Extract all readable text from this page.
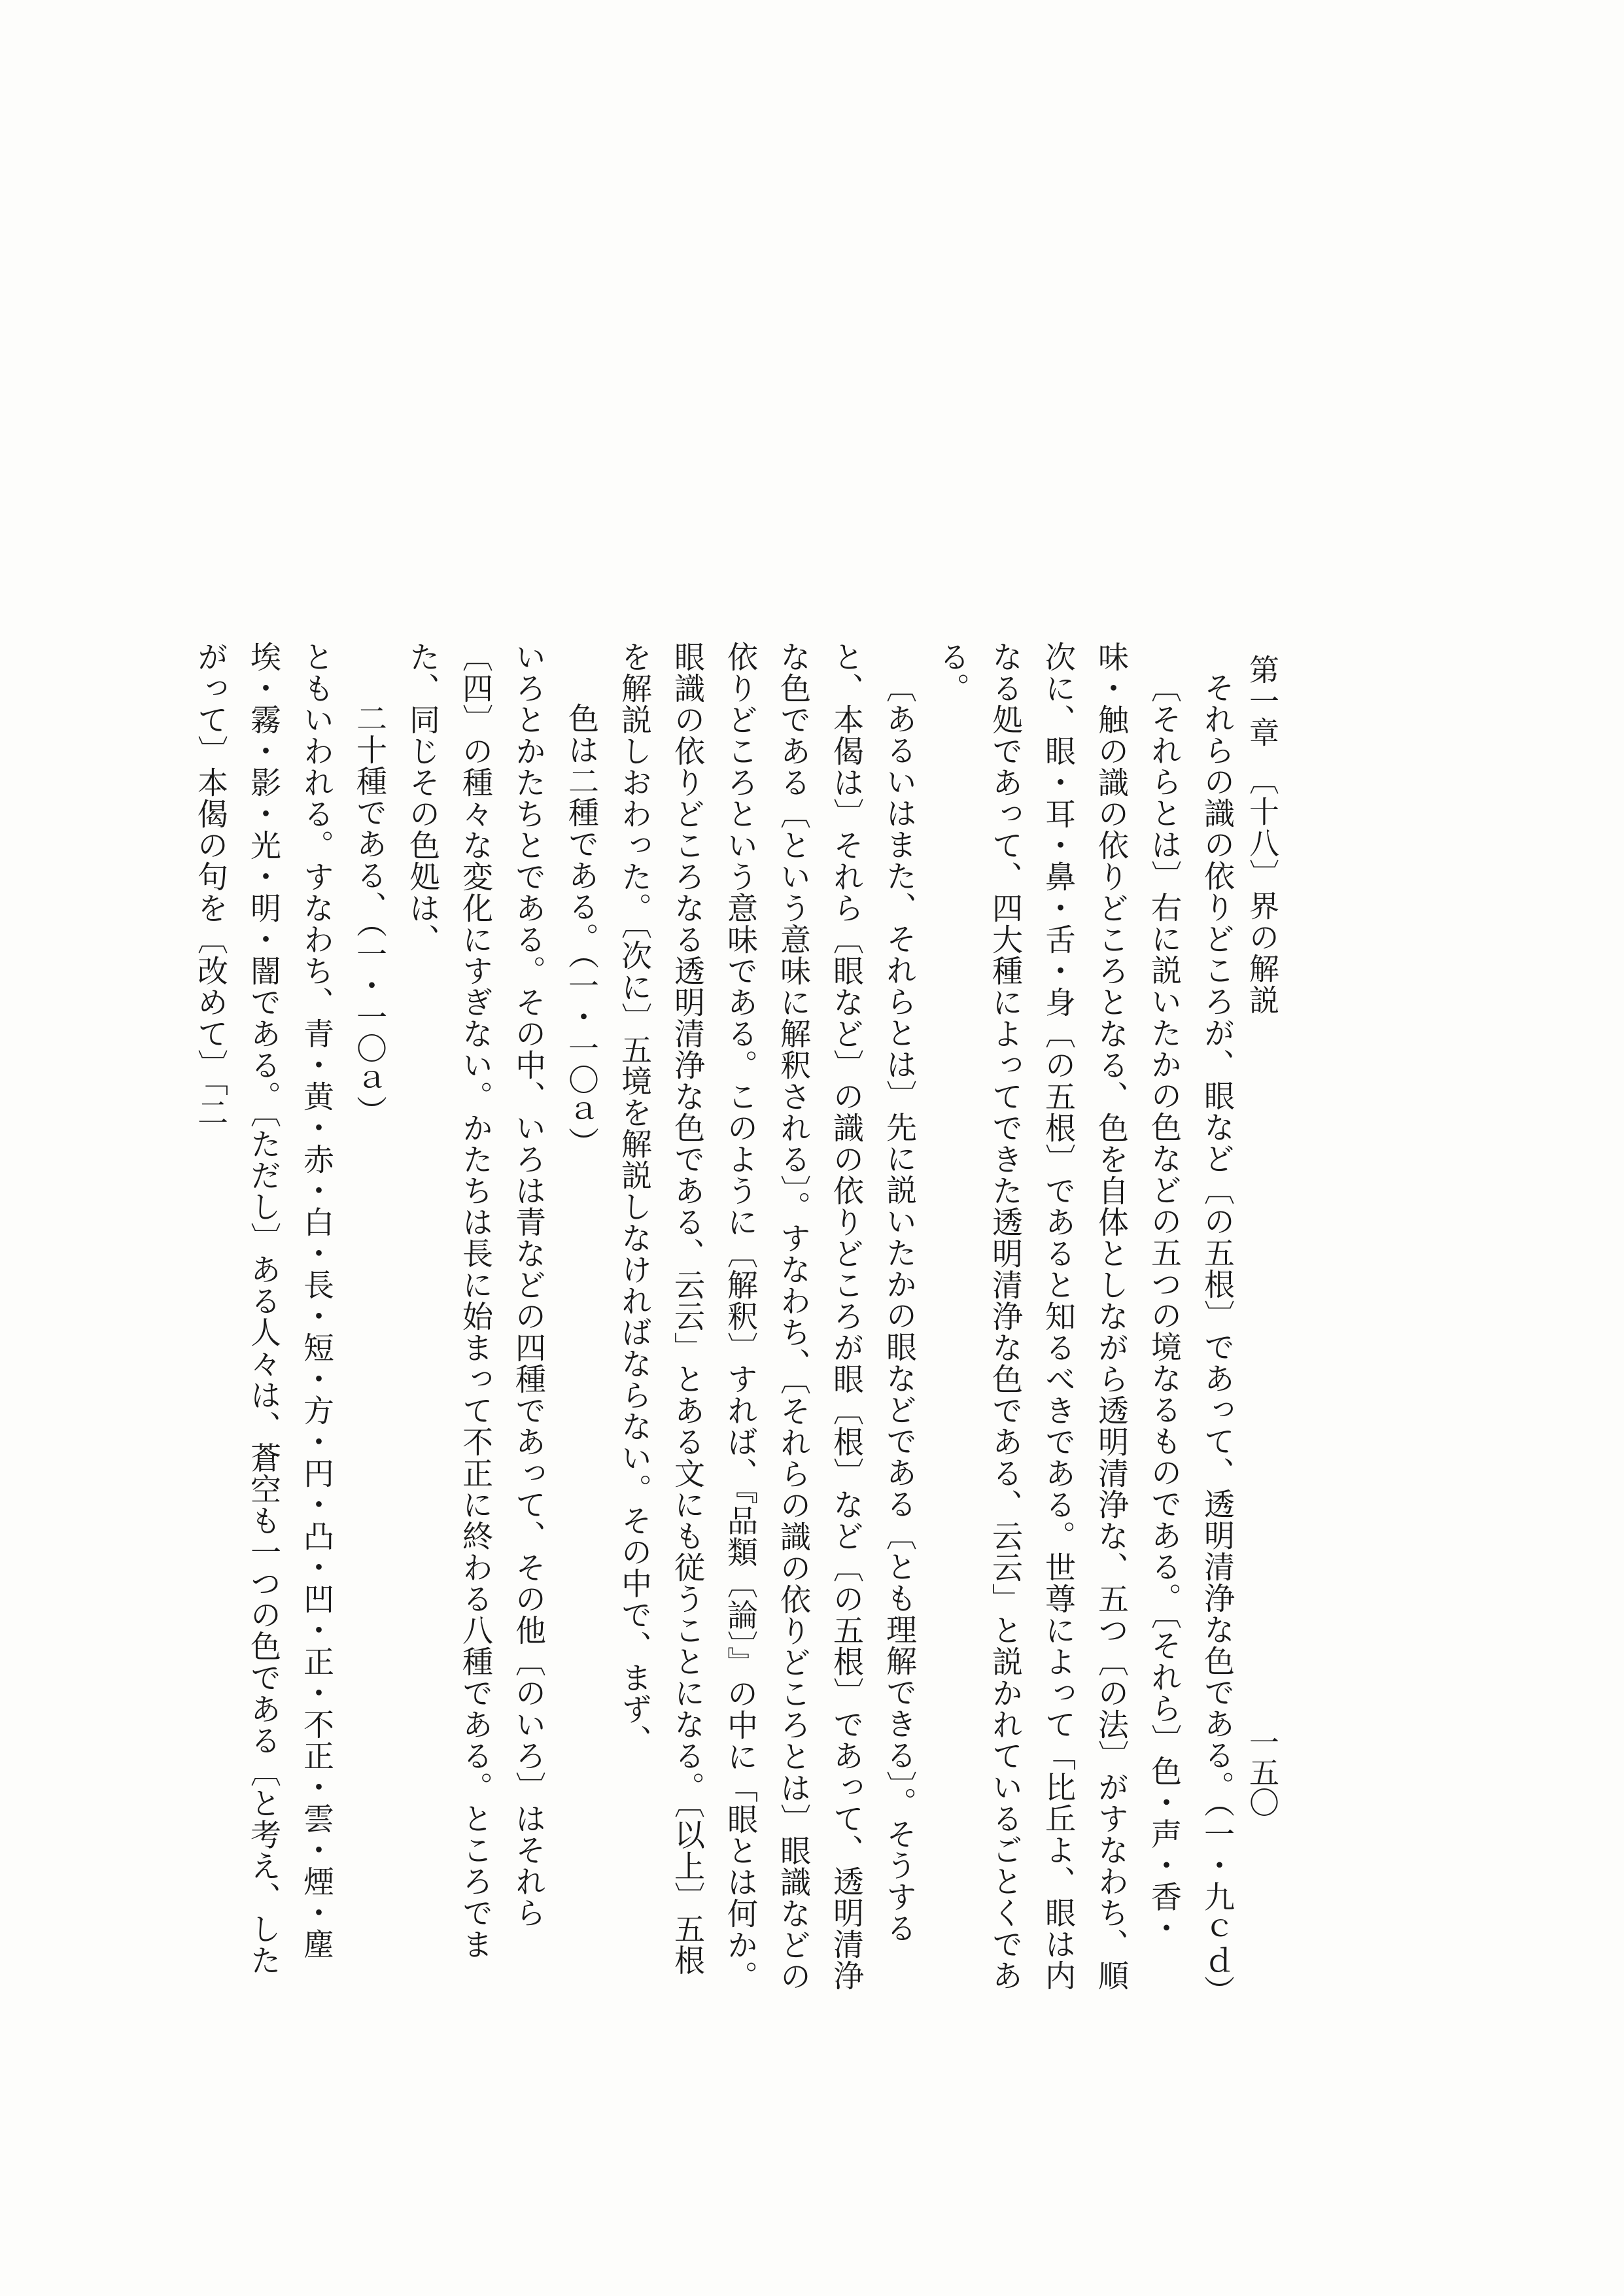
第一章　〔十八〕界の解説
一五〇

それらの識の依りどころが、眼など〔の五根〕であって、透明清浄な色である。（一・九ｃｄ）

〔それらとは〕右に説いたかの色などの五つの境なるものである。〔それら〕色・声・香・味・触の識の依りどころとなる、色を自体としながら透明清浄な、五つ〔の法〕がすなわち、順次に、眼・耳・鼻・舌・身〔の五根〕であると知るべきである。世尊によって「比丘よ、眼は内なる処であって、四大種によってできた透明清浄な色である、云云」と説かれているごとくである。

〔あるいはまた、それらとは〕先に説いたかの眼などである〔とも理解できる〕。そうすると、本偈は〕それら〔眼など〕の識の依りどころが眼〔根〕など〔の五根〕であって、透明清浄な色である〔という意味に解釈される〕。すなわち、〔それらの識の依りどころとは〕眼識などの依りどころという意味である。このように〔解釈〕すれば、『品類〔論〕』の中に「眼とは何か。眼識の依りどころなる透明清浄な色である、云云」とある文にも従うことになる。〔以上〕五根を解説しおわった。〔次に〕五境を解説しなければならない。その中で、まず、

色は二種である。（一・一〇ａ）

いろとかたちとである。その中、いろは青などの四種であって、その他〔のいろ〕はそれら〔四〕の種々な変化にすぎない。かたちは長に始まって不正に終わる八種である。ところでまた、同じその色処は、

二十種である、（一・一〇ａ）

ともいわれる。すなわち、青・黄・赤・白・長・短・方・円・凸・凹・正・不正・雲・煙・塵埃・霧・影・光・明・闇である。〔ただし〕ある人々は、蒼空も一つの色である〔と考え、したがって〕本偈の句を〔改めて〕「二
